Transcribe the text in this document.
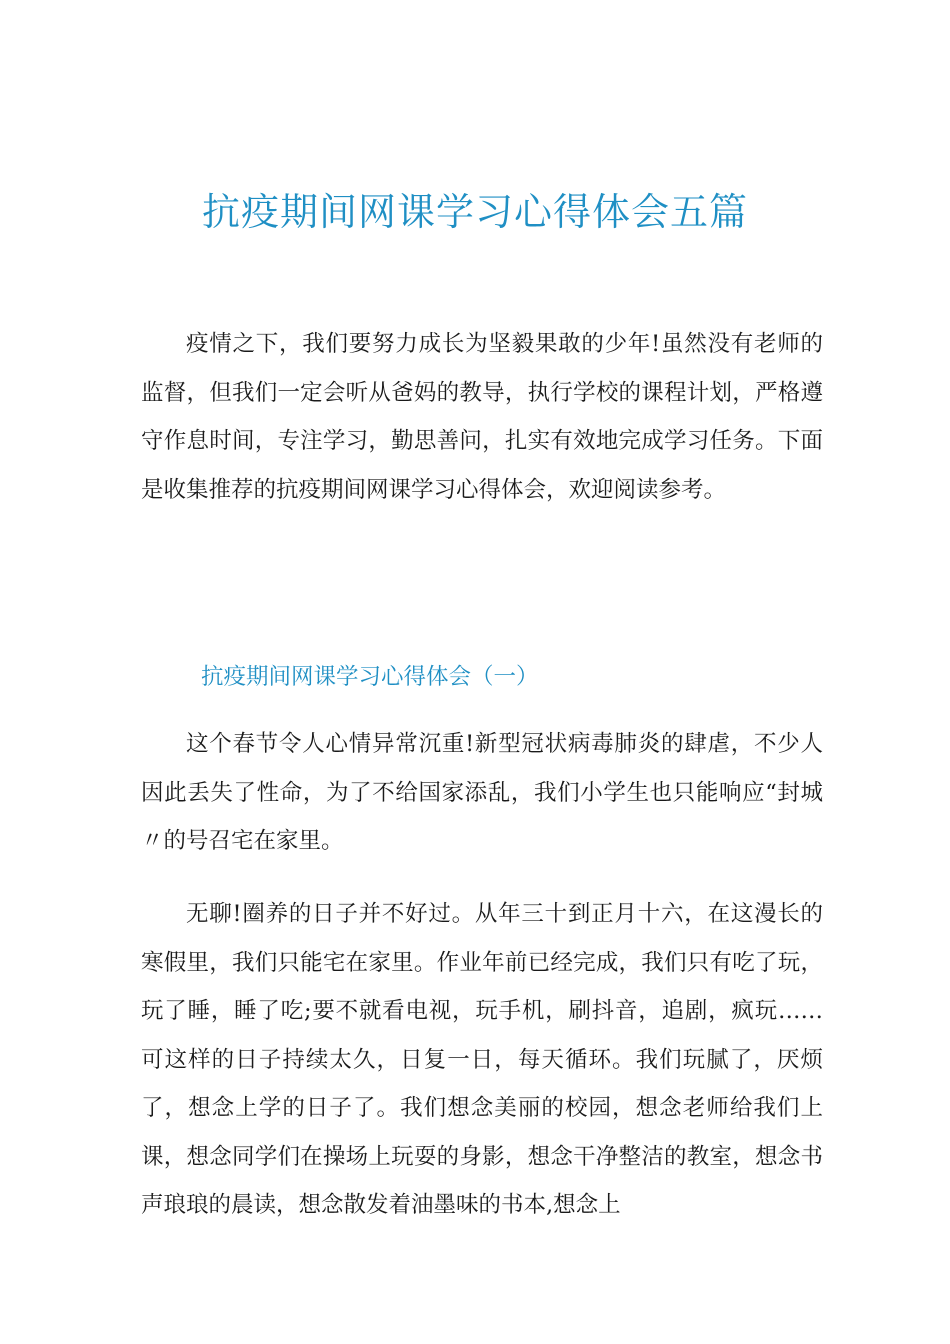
抗疫期间网课学习心得体会五篇

疫情之下，我们要努力成长为坚毅果敢的少年!虽然没有老师的监督，但我们一定会听从爸妈的教导，执行学校的课程计划，严格遵守作息时间，专注学习，勤思善问，扎实有效地完成学习任务。下面是收集推荐的抗疫期间网课学习心得体会，欢迎阅读参考。

抗疫期间网课学习心得体会（一）

这个春节令人心情异常沉重!新型冠状病毒肺炎的肆虐，不少人因此丢失了性命，为了不给国家添乱，我们小学生也只能响应“封城〃的号召宅在家里。

无聊!圈养的日子并不好过。从年三十到正月十六，在这漫长的寒假里，我们只能宅在家里。作业年前已经完成，我们只有吃了玩，玩了睡，睡了吃;要不就看电视，玩手机，刷抖音，追剧，疯玩……可这样的日子持续太久，日复一日，每天循环。我们玩腻了，厌烦了，想念上学的日子了。我们想念美丽的校园，想念老师给我们上课，想念同学们在操场上玩耍的身影，想念干净整洁的教室，想念书声琅琅的晨读，想念散发着油墨味的书本,想念上
